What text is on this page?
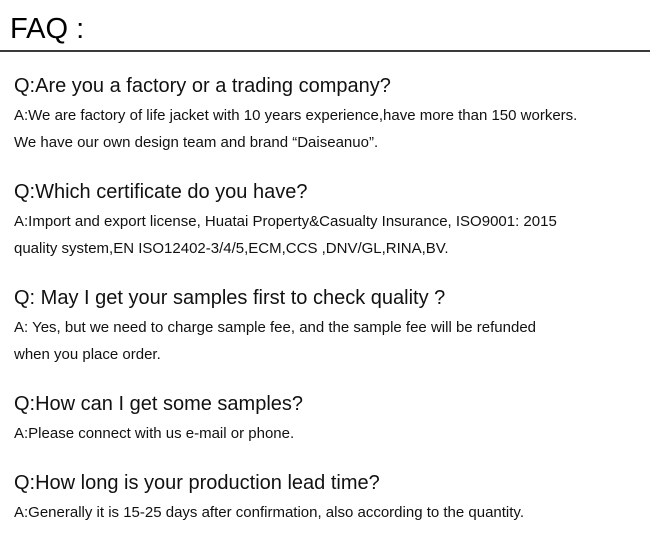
FAQ :
Q:Are you a factory or a trading company?
A:We are factory of life jacket with 10 years experience,have more than 150 workers.
We have our own design team and brand “Daiseanuo”.
Q:Which certificate do you have?
A:Import and export license, Huatai Property&Casualty Insurance, ISO9001: 2015
quality system,EN ISO12402-3/4/5,ECM,CCS ,DNV/GL,RINA,BV.
Q: May I get your samples first to check quality ?
A: Yes, but we need to charge sample fee, and the sample fee will be refunded
when you place order.
Q:How can I get some samples?
A:Please connect with us e-mail or phone.
Q:How long is your production lead time?
A:Generally it is 15-25 days after confirmation, also according to the quantity.
